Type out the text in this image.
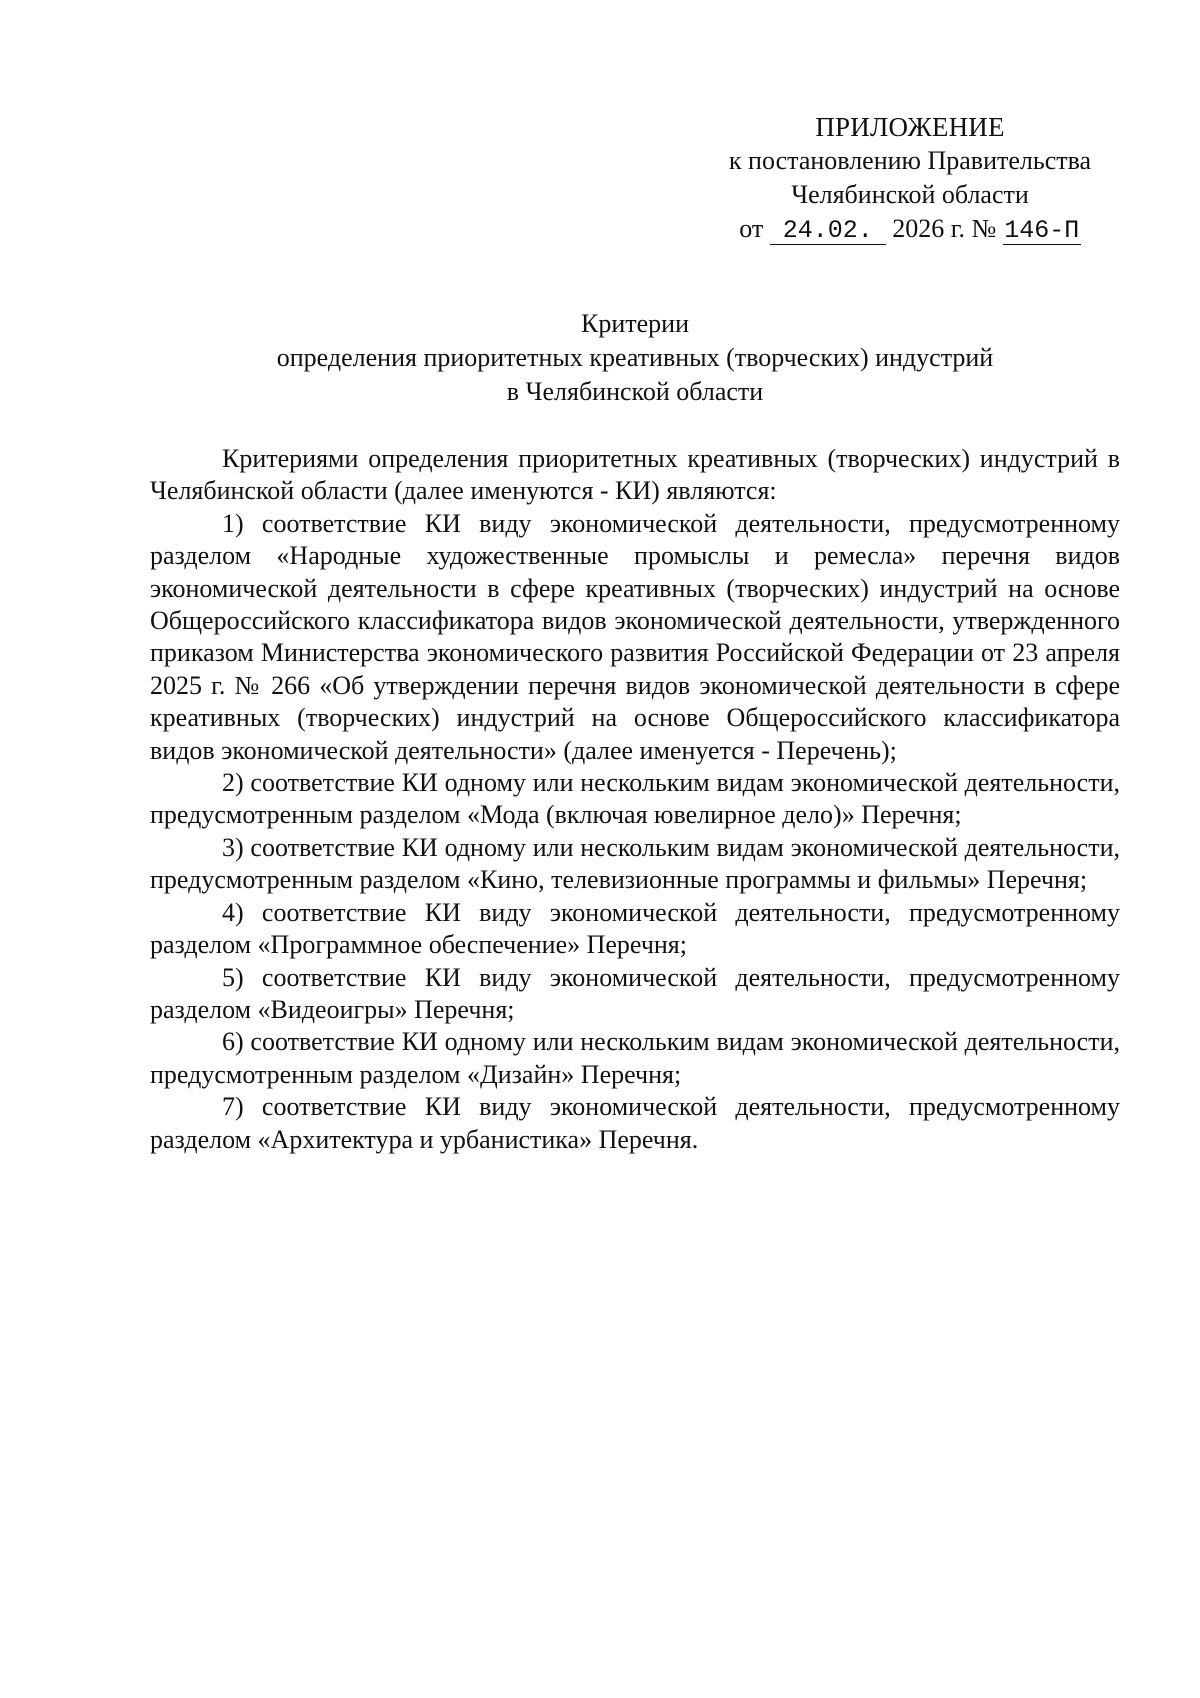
ПРИЛОЖЕНИЕ
к постановлению Правительства
Челябинской области
от 24.02. 2026 г. № 146-П
Критерии
определения приоритетных креативных (творческих) индустрий
в Челябинской области

Критериями определения приоритетных креативных (творческих) индустрий в Челябинской области (далее именуются - КИ) являются:

1) соответствие КИ виду экономической деятельности, предусмотренному разделом «Народные художественные промыслы и ремесла» перечня видов экономической деятельности в сфере креативных (творческих) индустрий на основе Общероссийского классификатора видов экономической деятельности, утвержденного приказом Министерства экономического развития Российской Федерации от 23 апреля 2025 г. № 266 «Об утверждении перечня видов экономической деятельности в сфере креативных (творческих) индустрий на основе Общероссийского классификатора видов экономической деятельности» (далее именуется - Перечень);

2) соответствие КИ одному или нескольким видам экономической деятельности, предусмотренным разделом «Мода (включая ювелирное дело)» Перечня;

3) соответствие КИ одному или нескольким видам экономической деятельности, предусмотренным разделом «Кино, телевизионные программы и фильмы» Перечня;

4) соответствие КИ виду экономической деятельности, предусмотренному разделом «Программное обеспечение» Перечня;

5) соответствие КИ виду экономической деятельности, предусмотренному разделом «Видеоигры» Перечня;

6) соответствие КИ одному или нескольким видам экономической деятельности, предусмотренным разделом «Дизайн» Перечня;

7) соответствие КИ виду экономической деятельности, предусмотренному разделом «Архитектура и урбанистика» Перечня.
